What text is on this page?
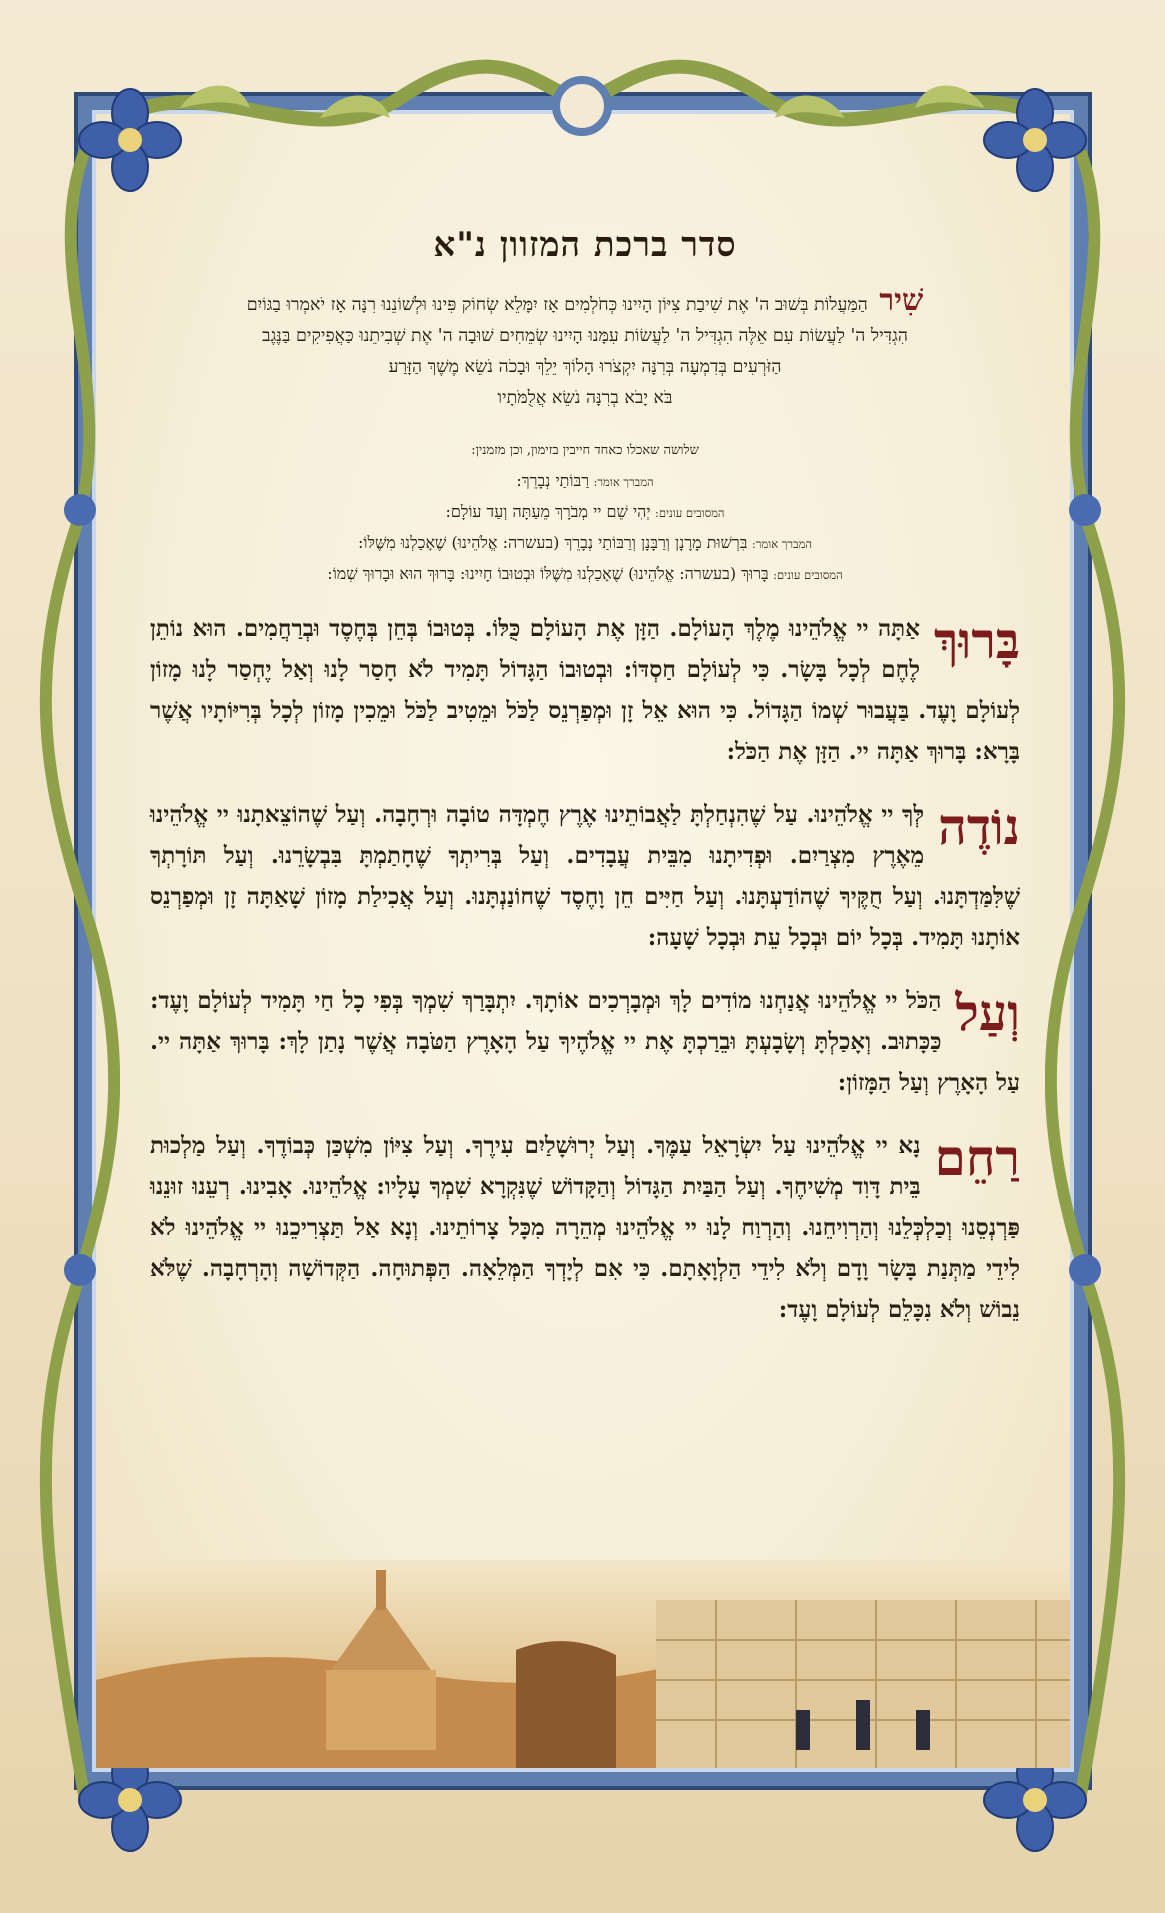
סדר ברכת המזוון נ"א
שִׁיר הַמַּעֲלוֹת בְּשׁוּב ה' אֶת שִׁיבַת צִיּוֹן הָיִינוּ כְּחֹלְמִים אָז יִמָּלֵא שְׂחוֹק פִּינוּ וּלְשׁוֹנֵנוּ רִנָּה אָז יֹאמְרוּ בַגּוֹיִם
הִגְדִּיל ה' לַעֲשׂוֹת עִם אֵלֶּה הִגְדִּיל ה' לַעֲשׂוֹת עִמָּנוּ הָיִינוּ שְׂמֵחִים שׁוּבָה ה' אֶת שְׁבִיתֵנוּ כַּאֲפִיקִים בַּנֶּגֶב
הַזֹּרְעִים בְּדִמְעָה בְּרִנָּה יִקְצֹרוּ הָלוֹךְ יֵלֵךְ וּבָכֹה נֹשֵׂא מֶשֶׁךְ הַזָּרַע
בֹּא יָבֹא בְרִנָּה נֹשֵׂא אֲלֻמֹּתָיו
שלושה שאכלו כאחד חייבין בזימון, וכן מזמנין:
המברך אומר: רַבּוֹתַי נְבָרֵךְ:
המסובים עונים: יְהִי שֵׁם יי מְבֹרָךְ מֵעַתָּה וְעַד עוֹלָם:
המברך אומר: בִּרְשׁוּת מָרָנָן וְרַבָּנָן וְרַבּוֹתַי נְבָרֵךְ (בעשרה: אֱלֹהֵינוּ) שֶׁאָכַלְנוּ מִשֶּׁלּוֹ:
המסובים עונים: בָּרוּךְ (בעשרה: אֱלֹהֵינוּ) שֶׁאָכַלְנוּ מִשֶּׁלּוֹ וּבְטוּבוֹ חָיִינוּ: בָּרוּךְ הוּא וּבָרוּךְ שְׁמוֹ:
בָּרוּךְ
אַתָּה יי אֱלֹהֵינוּ מֶלֶךְ הָעוֹלָם. הַזָּן אֶת הָעוֹלָם כֻּלּוֹ. בְּטוּבוֹ בְּחֵן בְּחֶסֶד וּבְרַחֲמִים. הוּא נוֹתֵן לֶחֶם לְכָל בָּשָׂר. כִּי לְעוֹלָם חַסְדּוֹ: וּבְטוּבוֹ הַגָּדוֹל תָּמִיד לֹא חָסַר לָנוּ וְאַל יֶחְסַר לָנוּ מָזוֹן לְעוֹלָם וָעֶד. בַּעֲבוּר שְׁמוֹ הַגָּדוֹל. כִּי הוּא אֵל זָן וּמְפַרְנֵס לַכֹּל וּמֵטִיב לַכֹּל וּמֵכִין מָזוֹן לְכָל בְּרִיּוֹתָיו אֲשֶׁר בָּרָא: בָּרוּךְ אַתָּה יי. הַזָּן אֶת הַכֹּל:
נוֹדֶה
לְּךָ יי אֱלֹהֵינוּ. עַל שֶׁהִנְחַלְתָּ לַאֲבוֹתֵינוּ אֶרֶץ חֶמְדָּה טוֹבָה וּרְחָבָה. וְעַל שֶׁהוֹצֵאתָנוּ יי אֱלֹהֵינוּ מֵאֶרֶץ מִצְרַיִם. וּפְדִיתָנוּ מִבֵּית עֲבָדִים. וְעַל בְּרִיתְךָ שֶׁחָתַמְתָּ בִּבְשָׂרֵנוּ. וְעַל תּוֹרָתְךָ שֶׁלִּמַּדְתָּנוּ. וְעַל חֻקֶּיךָ שֶׁהוֹדַעְתָּנוּ. וְעַל חַיִּים חֵן וָחֶסֶד שֶׁחוֹנַנְתָּנוּ. וְעַל אֲכִילַת מָזוֹן שָׁאַתָּה זָן וּמְפַרְנֵס אוֹתָנוּ תָּמִיד. בְּכָל יוֹם וּבְכָל עֵת וּבְכָל שָׁעָה:
וְעַל
הַכֹּל יי אֱלֹהֵינוּ אֲנַחְנוּ מוֹדִים לָךְ וּמְבָרְכִים אוֹתָךְ. יִתְבָּרַךְ שִׁמְךָ בְּפִי כָל חַי תָּמִיד לְעוֹלָם וָעֶד: כַּכָּתוּב. וְאָכַלְתָּ וְשָׂבָעְתָּ וּבֵרַכְתָּ אֶת יי אֱלֹהֶיךָ עַל הָאָרֶץ הַטֹּבָה אֲשֶׁר נָתַן לָךְ: בָּרוּךְ אַתָּה יי. עַל הָאָרֶץ וְעַל הַמָּזוֹן:
רַחֵם
נָא יי אֱלֹהֵינוּ עַל יִשְׂרָאֵל עַמֶּךָ. וְעַל יְרוּשָׁלַיִם עִירֶךָ. וְעַל צִיּוֹן מִשְׁכַּן כְּבוֹדֶךָ. וְעַל מַלְכוּת בֵּית דָּוִד מְשִׁיחֶךָ. וְעַל הַבַּיִת הַגָּדוֹל וְהַקָּדוֹשׁ שֶׁנִּקְרָא שִׁמְךָ עָלָיו: אֱלֹהֵינוּ. אָבִינוּ. רְעֵנוּ זוּנֵנוּ פַּרְנְסֵנוּ וְכַלְכְּלֵנוּ וְהַרְוִיחֵנוּ. וְהַרְוַח לָנוּ יי אֱלֹהֵינוּ מְהֵרָה מִכָּל צָרוֹתֵינוּ. וְנָא אַל תַּצְרִיכֵנוּ יי אֱלֹהֵינוּ לֹא לִידֵי מַתְּנַת בָּשָׂר וָדָם וְלֹא לִידֵי הַלְוָאָתָם. כִּי אִם לְיָדְךָ הַמְּלֵאָה. הַפְּתוּחָה. הַקְּדוֹשָׁה וְהָרְחָבָה. שֶׁלֹּא נֵבוֹשׁ וְלֹא נִכָּלֵם לְעוֹלָם וָעֶד:
